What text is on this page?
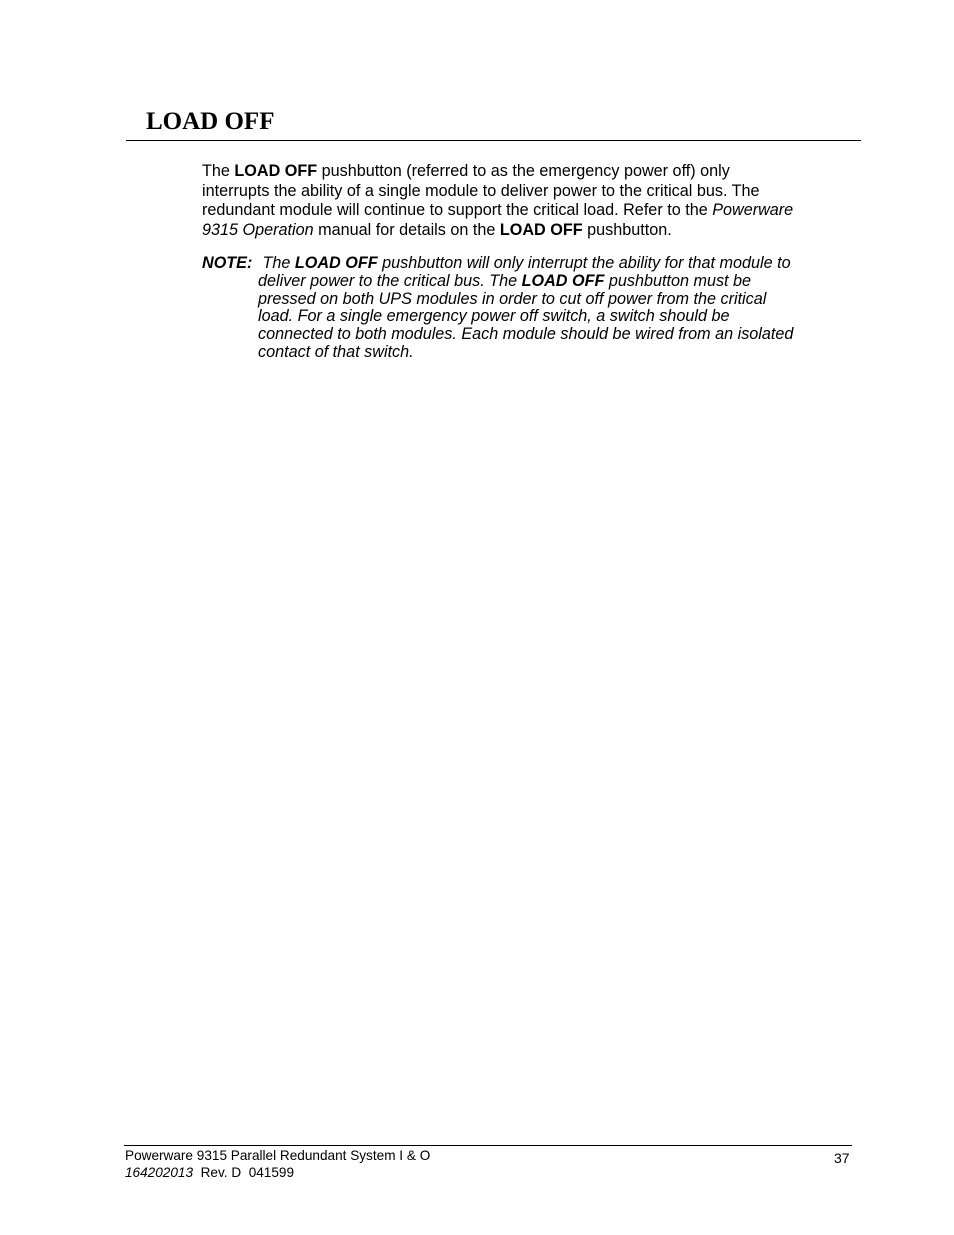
LOAD OFF

The LOAD OFF pushbutton (referred to as the emergency power off) only
interrupts the ability of a single module to deliver power to the critical bus. The
redundant module will continue to support the critical load. Refer to the Powerware
9315 Operation manual for details on the LOAD OFF pushbutton.

NOTE: The LOAD OFF pushbutton will only interrupt the ability for that module to
deliver power to the critical bus. The LOAD OFF pushbutton must be
pressed on both UPS modules in order to cut off power from the critical
load. For a single emergency power off switch, a switch should be
connected to both modules. Each module should be wired from an isolated
contact of that switch.

Powerware 9315 Parallel Redundant System I & O
164202013  Rev. D  041599
37
